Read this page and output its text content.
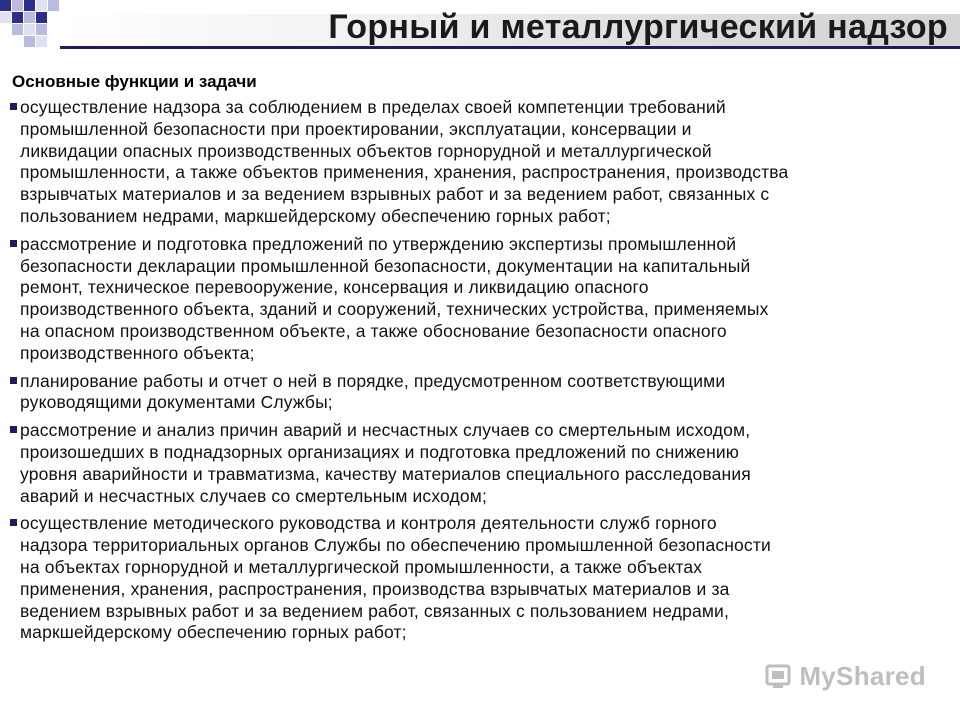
Горный и металлургический надзор
Основные функции и задачи
осуществление надзора за соблюдением в пределах своей компетенции требований
промышленной безопасности при проектировании, эксплуатации, консервации и
ликвидации опасных производственных объектов горнорудной и металлургической
промышленности, а также объектов применения, хранения, распространения, производства
взрывчатых материалов и за ведением взрывных работ и за ведением работ, связанных с
пользованием недрами, маркшейдерскому обеспечению горных работ;
рассмотрение и подготовка предложений по утверждению экспертизы промышленной
безопасности декларации промышленной безопасности, документации на капитальный
ремонт, техническое перевооружение, консервация и ликвидацию опасного
производственного объекта, зданий и сооружений, технических устройства, применяемых
на опасном производственном объекте, а также обоснование безопасности опасного
производственного объекта;
планирование работы и отчет о ней в порядке, предусмотренном соответствующими
руководящими документами Службы;
рассмотрение и анализ причин аварий и несчастных случаев со смертельным исходом,
произошедших в поднадзорных организациях и подготовка предложений по снижению
уровня аварийности и травматизма, качеству материалов специального расследования
аварий и несчастных случаев со смертельным исходом;
осуществление методического руководства и контроля деятельности служб горного
надзора территориальных органов Службы по обеспечению промышленной безопасности
на объектах горнорудной и металлургической промышленности, а также объектах
применения, хранения, распространения, производства взрывчатых материалов и за
ведением взрывных работ и за ведением работ, связанных с пользованием недрами,
маркшейдерскому обеспечению горных работ;
MyShared
